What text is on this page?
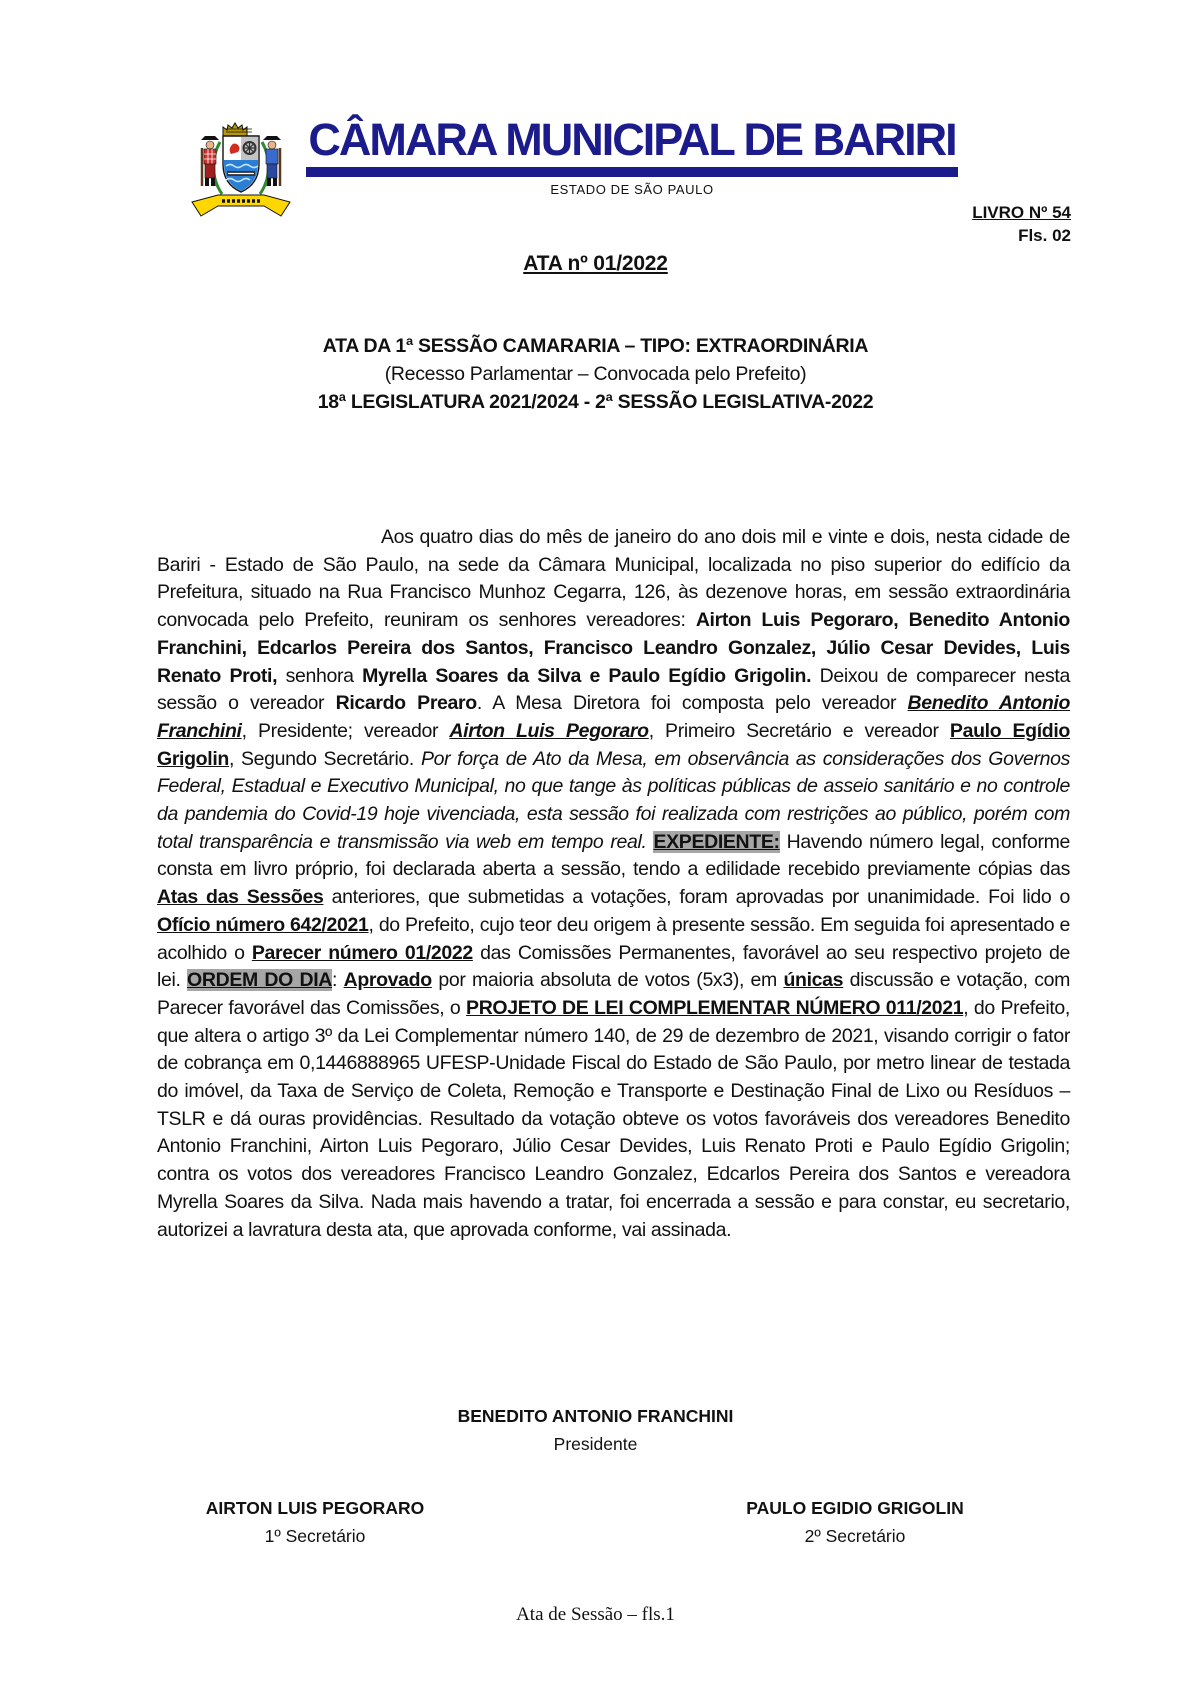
CÂMARA MUNICIPAL DE BARIRI
ESTADO DE SÃO PAULO
LIVRO Nº 54
Fls. 02
ATA nº 01/2022
ATA DA 1ª SESSÃO CAMARARIA – TIPO: EXTRAORDINÁRIA
(Recesso Parlamentar – Convocada pelo Prefeito)
18ª LEGISLATURA 2021/2024 - 2ª SESSÃO LEGISLATIVA-2022
Aos quatro dias do mês de janeiro do ano dois mil e vinte e dois, nesta cidade de Bariri - Estado de São Paulo, na sede da Câmara Municipal, localizada no piso superior do edifício da Prefeitura, situado na Rua Francisco Munhoz Cegarra, 126, às dezenove horas, em sessão extraordinária convocada pelo Prefeito, reuniram os senhores vereadores: Airton Luis Pegoraro, Benedito Antonio Franchini, Edcarlos Pereira dos Santos, Francisco Leandro Gonzalez, Júlio Cesar Devides, Luis Renato Proti, senhora Myrella Soares da Silva e Paulo Egídio Grigolin. Deixou de comparecer nesta sessão o vereador Ricardo Prearo. A Mesa Diretora foi composta pelo vereador Benedito Antonio Franchini, Presidente; vereador Airton Luis Pegoraro, Primeiro Secretário e vereador Paulo Egídio Grigolin, Segundo Secretário. Por força de Ato da Mesa, em observância as considerações dos Governos Federal, Estadual e Executivo Municipal, no que tange às políticas públicas de asseio sanitário e no controle da pandemia do Covid-19 hoje vivenciada, esta sessão foi realizada com restrições ao público, porém com total transparência e transmissão via web em tempo real. EXPEDIENTE: Havendo número legal, conforme consta em livro próprio, foi declarada aberta a sessão, tendo a edilidade recebido previamente cópias das Atas das Sessões anteriores, que submetidas a votações, foram aprovadas por unanimidade. Foi lido o Ofício número 642/2021, do Prefeito, cujo teor deu origem à presente sessão. Em seguida foi apresentado e acolhido o Parecer número 01/2022 das Comissões Permanentes, favorável ao seu respectivo projeto de lei. ORDEM DO DIA: Aprovado por maioria absoluta de votos (5x3), em únicas discussão e votação, com Parecer favorável das Comissões, o PROJETO DE LEI COMPLEMENTAR NÚMERO 011/2021, do Prefeito, que altera o artigo 3º da Lei Complementar número 140, de 29 de dezembro de 2021, visando corrigir o fator de cobrança em 0,1446888965 UFESP-Unidade Fiscal do Estado de São Paulo, por metro linear de testada do imóvel, da Taxa de Serviço de Coleta, Remoção e Transporte e Destinação Final de Lixo ou Resíduos – TSLR e dá ouras providências. Resultado da votação obteve os votos favoráveis dos vereadores Benedito Antonio Franchini, Airton Luis Pegoraro, Júlio Cesar Devides, Luis Renato Proti e Paulo Egídio Grigolin; contra os votos dos vereadores Francisco Leandro Gonzalez, Edcarlos Pereira dos Santos e vereadora Myrella Soares da Silva. Nada mais havendo a tratar, foi encerrada a sessão e para constar, eu secretario, autorizei a lavratura desta ata, que aprovada conforme, vai assinada.
BENEDITO ANTONIO FRANCHINI
Presidente
AIRTON LUIS PEGORARO
1º Secretário
PAULO EGIDIO GRIGOLIN
2º Secretário
Ata de Sessão – fls.1
